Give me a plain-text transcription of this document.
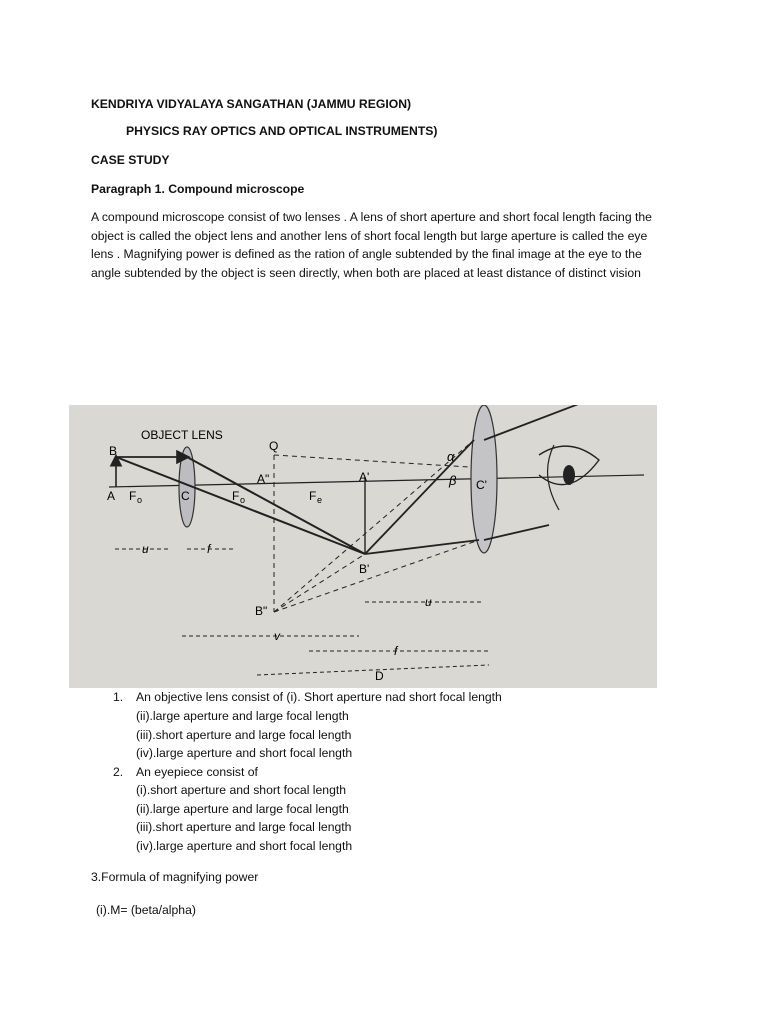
KENDRIYA VIDYALAYA SANGATHAN (JAMMU REGION)
PHYSICS RAY OPTICS AND OPTICAL INSTRUMENTS)
CASE STUDY
Paragraph 1. Compound microscope
A compound microscope consist of two lenses . A lens of short aperture and short focal length facing the
object is called the object lens and another lens of short focal length but large aperture is called the eye
lens . Magnifying power is defined as the ration of angle subtended by the final image at the eye to the
angle subtended by the object is seen directly, when both are placed at least distance of distinct vision
OBJECT LENS
B
A F o	C	F o
Q
A"
F e
A'
α
β C'
B'
B"
u	f
u
v
f
D
1. An objective lens consist of (i). Short aperture nad short focal length
(ii).large aperture and large focal length
(iii).short aperture and large focal length
(iv).large aperture and short focal length
2. An eyepiece consist of
(i).short aperture and short focal length
(ii).large aperture and large focal length
(iii).short aperture and large focal length
(iv).large aperture and short focal length
3.Formula of magnifying power
(i).M= (beta/alpha)
